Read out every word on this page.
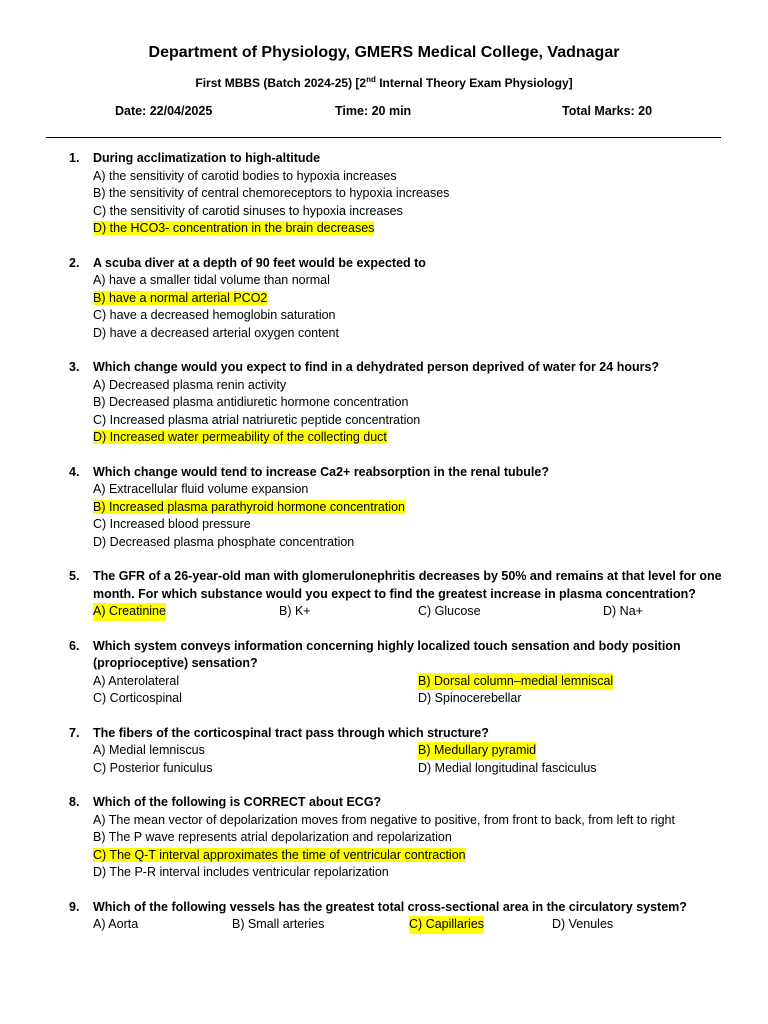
Department of Physiology, GMERS Medical College, Vadnagar
First MBBS (Batch 2024-25) [2nd Internal Theory Exam Physiology]
Date: 22/04/2025	Time: 20 min	Total Marks: 20
1. During acclimatization to high-altitude
A) the sensitivity of carotid bodies to hypoxia increases
B) the sensitivity of central chemoreceptors to hypoxia increases
C) the sensitivity of carotid sinuses to hypoxia increases
D) the HCO3- concentration in the brain decreases
2. A scuba diver at a depth of 90 feet would be expected to
A) have a smaller tidal volume than normal
B) have a normal arterial PCO2
C) have a decreased hemoglobin saturation
D) have a decreased arterial oxygen content
3. Which change would you expect to find in a dehydrated person deprived of water for 24 hours?
A) Decreased plasma renin activity
B) Decreased plasma antidiuretic hormone concentration
C) Increased plasma atrial natriuretic peptide concentration
D) Increased water permeability of the collecting duct
4. Which change would tend to increase Ca2+ reabsorption in the renal tubule?
A) Extracellular fluid volume expansion
B) Increased plasma parathyroid hormone concentration
C) Increased blood pressure
D) Decreased plasma phosphate concentration
5. The GFR of a 26-year-old man with glomerulonephritis decreases by 50% and remains at that level for one month. For which substance would you expect to find the greatest increase in plasma concentration?
A) Creatinine	B) K+	C) Glucose	D) Na+
6. Which system conveys information concerning highly localized touch sensation and body position (proprioceptive) sensation?
A) Anterolateral	B) Dorsal column–medial lemniscal
C) Corticospinal	D) Spinocerebellar
7. The fibers of the corticospinal tract pass through which structure?
A) Medial lemniscus	B) Medullary pyramid
C) Posterior funiculus	D) Medial longitudinal fasciculus
8. Which of the following is CORRECT about ECG?
A) The mean vector of depolarization moves from negative to positive, from front to back, from left to right
B) The P wave represents atrial depolarization and repolarization
C) The Q-T interval approximates the time of ventricular contraction
D) The P-R interval includes ventricular repolarization
9. Which of the following vessels has the greatest total cross-sectional area in the circulatory system?
A) Aorta	B) Small arteries	C) Capillaries	D) Venules
